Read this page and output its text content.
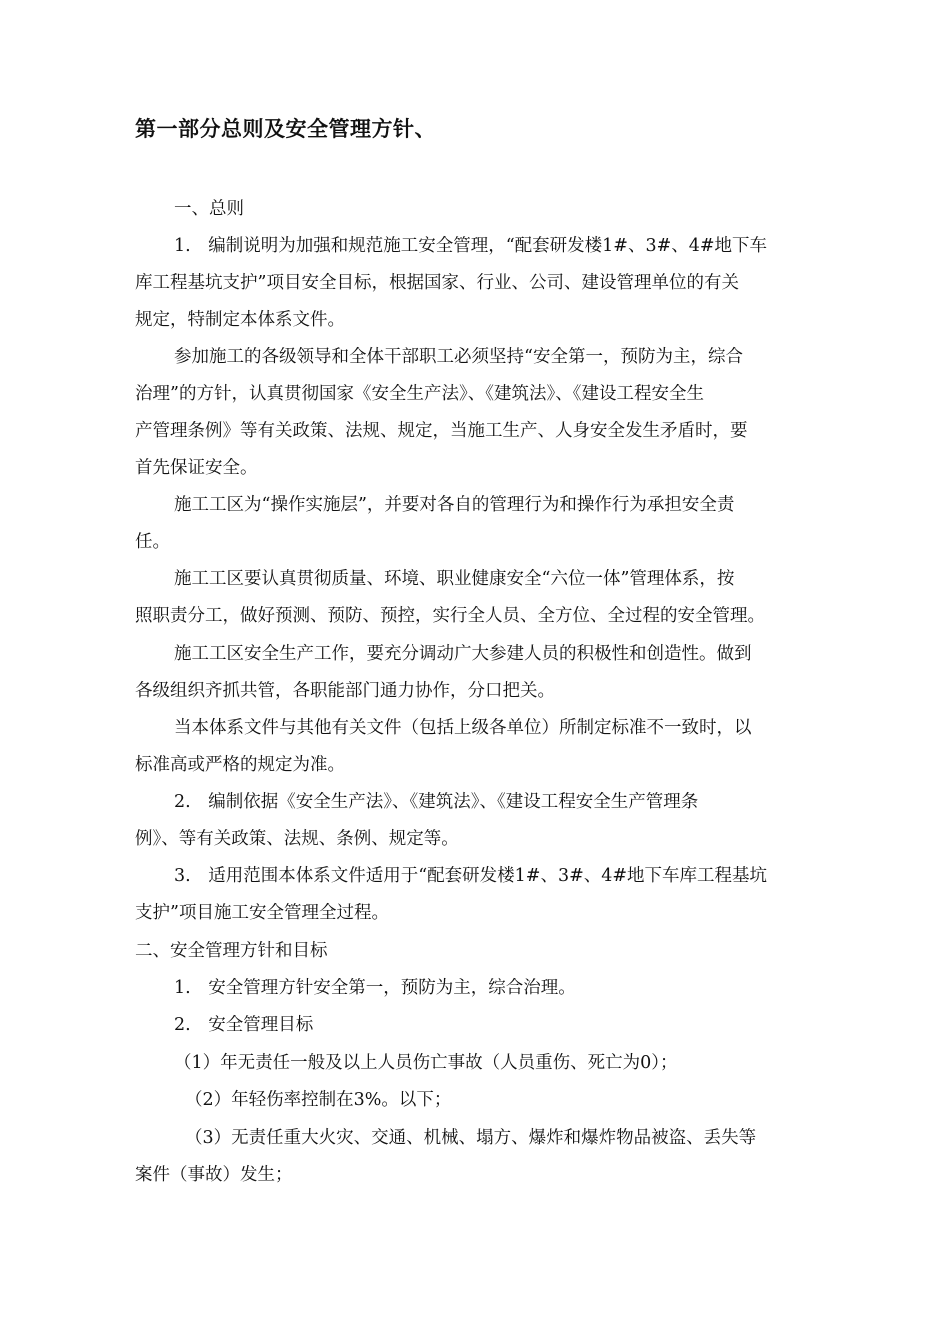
第一部分总则及安全管理方针、

一、总则

1.　编制说明为加强和规范施工安全管理，“配套研发楼1#、3#、4#地下车

库工程基坑支护”项目安全目标，根据国家、行业、公司、建设管理单位的有关

规定，特制定本体系文件。

参加施工的各级领导和全体干部职工必须坚持“安全第一，预防为主，综合

治理”的方针，认真贯彻国家《安全生产法》、《建筑法》、《建设工程安全生

产管理条例》等有关政策、法规、规定，当施工生产、人身安全发生矛盾时，要

首先保证安全。

施工工区为“操作实施层”，并要对各自的管理行为和操作行为承担安全责

任。

施工工区要认真贯彻质量、环境、职业健康安全“六位一体”管理体系，按

照职责分工，做好预测、预防、预控，实行全人员、全方位、全过程的安全管理。

施工工区安全生产工作，要充分调动广大参建人员的积极性和创造性。做到

各级组织齐抓共管，各职能部门通力协作，分口把关。

当本体系文件与其他有关文件（包括上级各单位）所制定标准不一致时，以

标准高或严格的规定为准。

2.　编制依据《安全生产法》、《建筑法》、《建设工程安全生产管理条

例》、等有关政策、法规、条例、规定等。

3.　适用范围本体系文件适用于“配套研发楼1#、3#、4#地下车库工程基坑

支护”项目施工安全管理全过程。

二、安全管理方针和目标

1.　安全管理方针安全第一，预防为主，综合治理。

2.　安全管理目标

（1）年无责任一般及以上人员伤亡事故（人员重伤、死亡为0）；

（2）年轻伤率控制在3%。以下；

（3）无责任重大火灾、交通、机械、塌方、爆炸和爆炸物品被盗、丢失等

案件（事故）发生；
